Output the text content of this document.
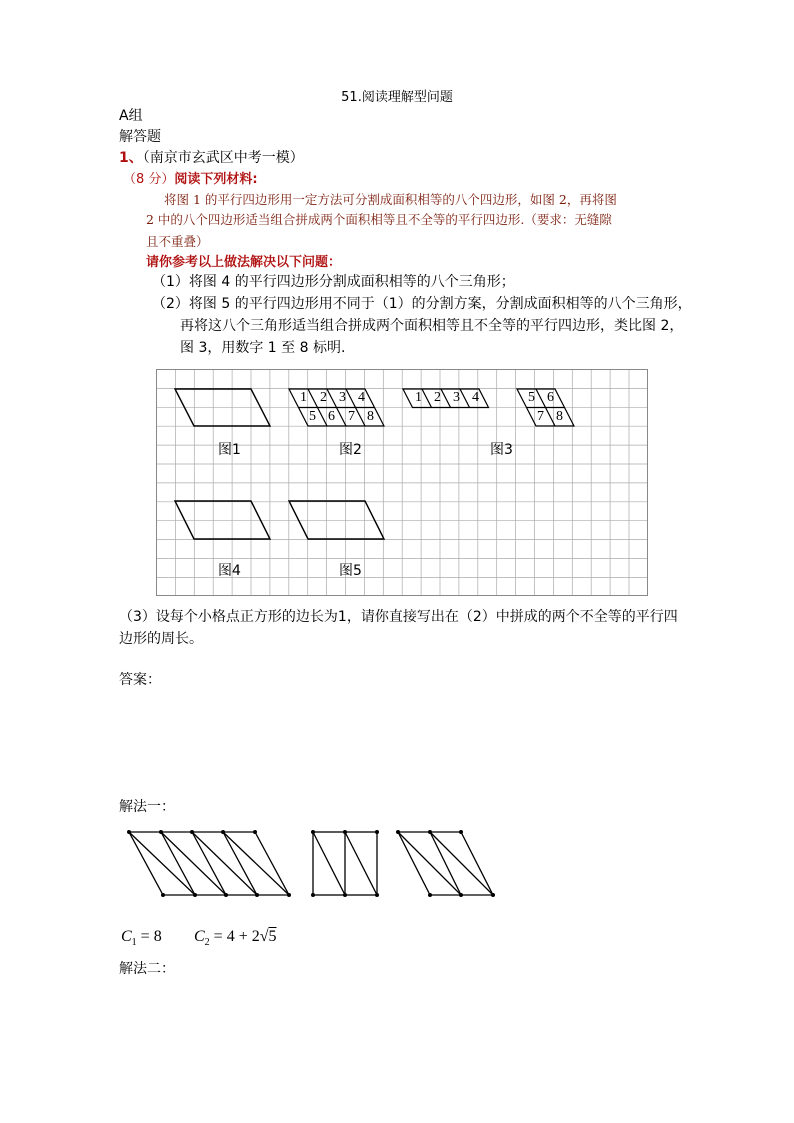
51.阅读理解型问题
A组
解答题
1、（南京市玄武区中考一模）
（8 分）阅读下列材料:
将图 1 的平行四边形用一定方法可分割成面积相等的八个四边形，如图 2，再将图
2 中的八个四边形适当组合拼成两个面积相等且不全等的平行四边形.（要求：无缝隙
且不重叠）
请你参考以上做法解决以下问题：
（1）将图 4 的平行四边形分割成面积相等的八个三角形；
（2）将图 5 的平行四边形用不同于（1）的分割方案，分割成面积相等的八个三角形，
再将这八个三角形适当组合拼成两个面积相等且不全等的平行四边形，类比图 2，
图 3，用数字 1 至 8 标明.
1 2 3 4
5 6 7 8
1 2 3 4	5 6
7 8
图1	图2	图3
图4	图5
（3）设每个小格点正方形的边长为1，请你直接写出在（2）中拼成的两个不全等的平行四
边形的周长。
答案：
解法一：
$C_1 = 8$ $C_2 = 4 + 2√5$
解法二：
